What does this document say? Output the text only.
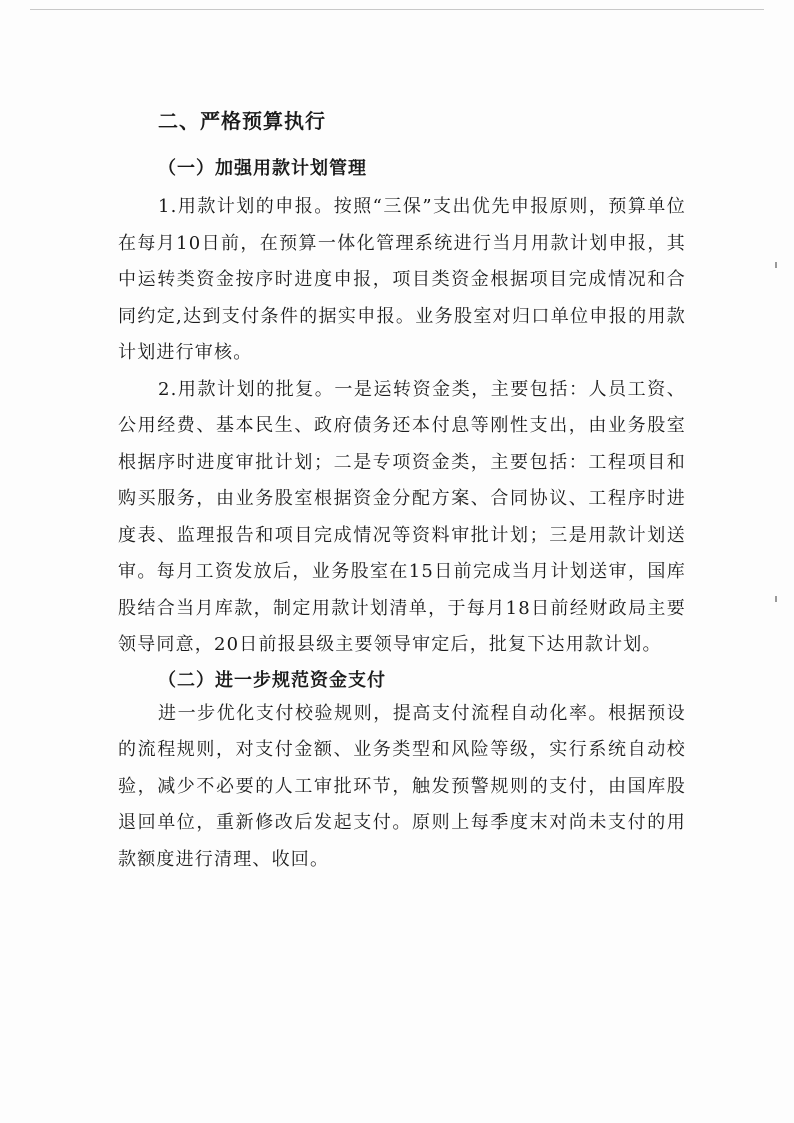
二、严格预算执行
（一）加强用款计划管理

1.用款计划的申报。按照“三保”支出优先申报原则，预算单位在每月10日前，在预算一体化管理系统进行当月用款计划申报，其中运转类资金按序时进度申报，项目类资金根据项目完成情况和合同约定,达到支付条件的据实申报。业务股室对归口单位申报的用款计划进行审核。

2.用款计划的批复。一是运转资金类，主要包括：人员工资、公用经费、基本民生、政府债务还本付息等刚性支出，由业务股室根据序时进度审批计划；二是专项资金类，主要包括：工程项目和购买服务，由业务股室根据资金分配方案、合同协议、工程序时进度表、监理报告和项目完成情况等资料审批计划；三是用款计划送审。每月工资发放后，业务股室在15日前完成当月计划送审，国库股结合当月库款，制定用款计划清单，于每月18日前经财政局主要领导同意，20日前报县级主要领导审定后，批复下达用款计划。

（二）进一步规范资金支付

进一步优化支付校验规则，提高支付流程自动化率。根据预设的流程规则，对支付金额、业务类型和风险等级，实行系统自动校验，减少不必要的人工审批环节，触发预警规则的支付，由国库股退回单位，重新修改后发起支付。原则上每季度末对尚未支付的用款额度进行清理、收回。
